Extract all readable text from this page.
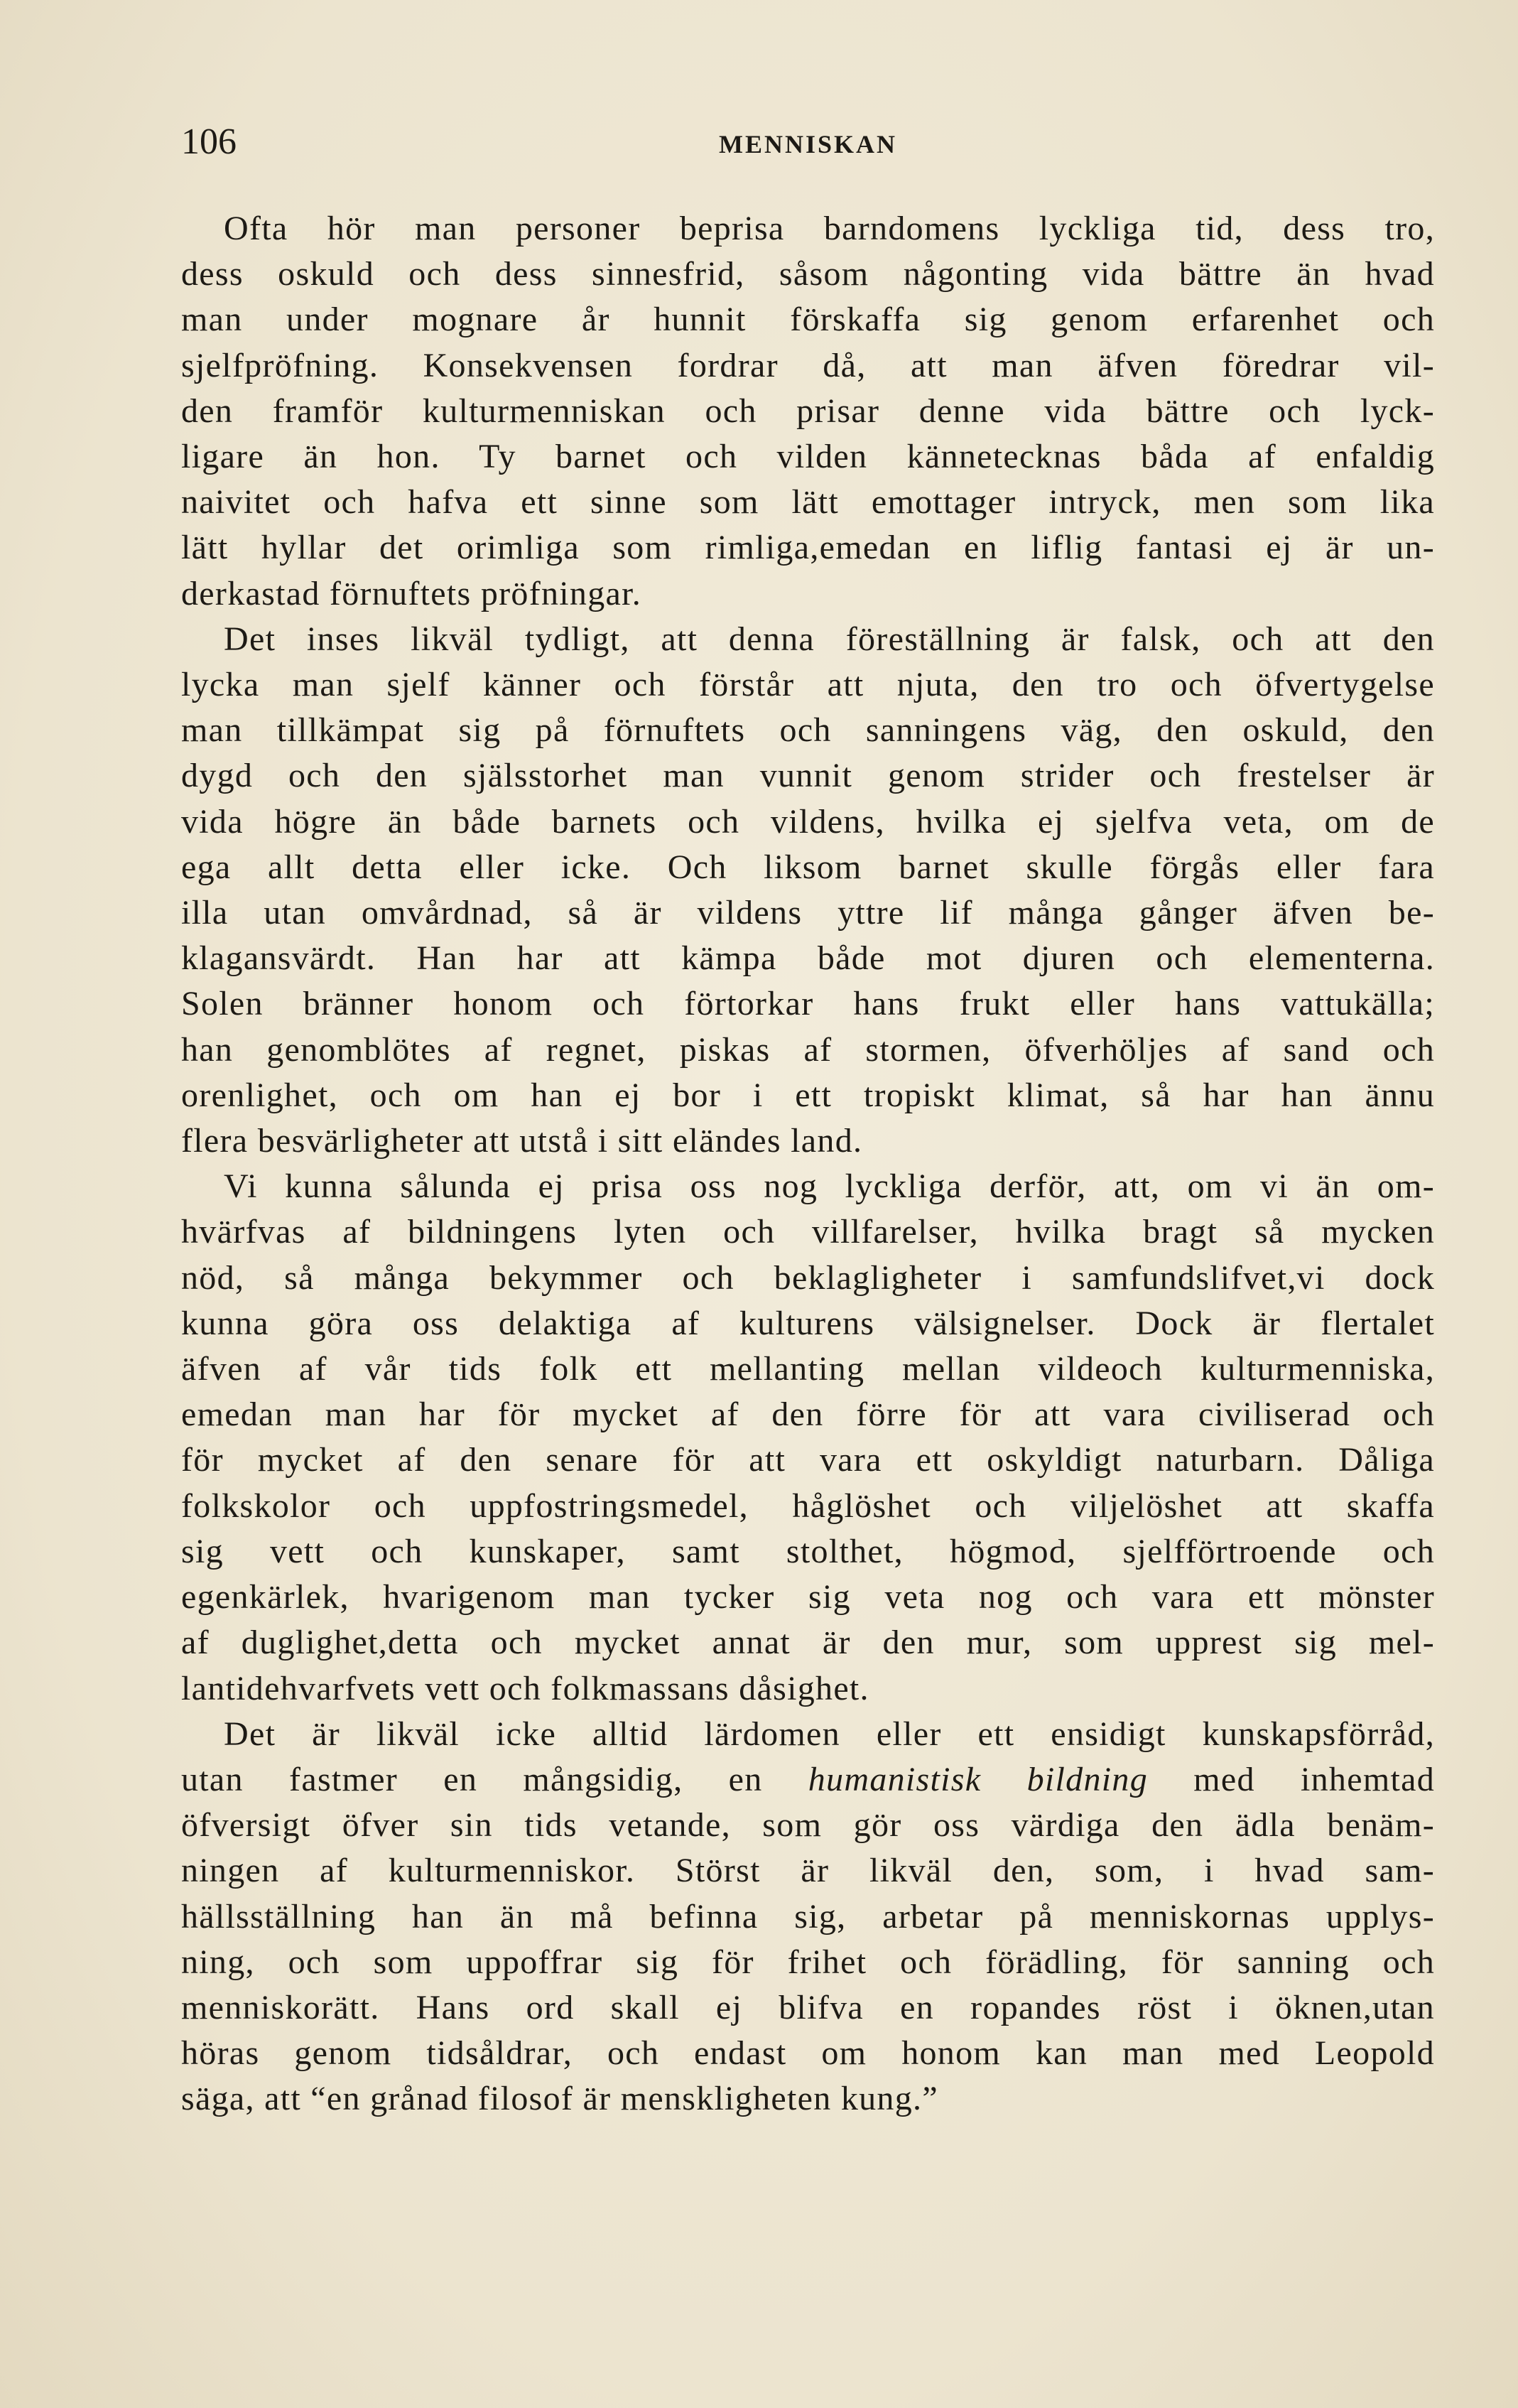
106	MENNISKAN
Ofta hör man personer beprisa barndomens lyckliga tid, dess tro,
dess oskuld och dess sinnesfrid, såsom någonting vida bättre än hvad
man under mognare år hunnit förskaffa sig genom erfarenhet och
sjelfpröfning. Konsekvensen fordrar då, att man äfven föredrar vil-
den framför kulturmenniskan och prisar denne vida bättre och lyck-
ligare än hon. Ty barnet och vilden kännetecknas båda af enfaldig
naivitet och hafva ett sinne som lätt emottager intryck, men som lika
lätt hyllar det orimliga som rimliga,emedan en liflig fantasi ej är un-
derkastad förnuftets pröfningar.
Det inses likväl tydligt, att denna föreställning är falsk, och att den
lycka man sjelf känner och förstår att njuta, den tro och öfvertygelse
man tillkämpat sig på förnuftets och sanningens väg, den oskuld, den
dygd och den själsstorhet man vunnit genom strider och frestelser är
vida högre än både barnets och vildens, hvilka ej sjelfva veta, om de
ega allt detta eller icke. Och liksom barnet skulle förgås eller fara
illa utan omvårdnad, så är vildens yttre lif många gånger äfven be-
klagansvärdt. Han har att kämpa både mot djuren och elementerna.
Solen bränner honom och förtorkar hans frukt eller hans vattukälla;
han genomblötes af regnet, piskas af stormen, öfverhöljes af sand och
orenlighet, och om han ej bor i ett tropiskt klimat, så har han ännu
flera besvärligheter att utstå i sitt eländes land.
Vi kunna sålunda ej prisa oss nog lyckliga derför, att, om vi än om-
hvärfvas af bildningens lyten och villfarelser, hvilka bragt så mycken
nöd, så många bekymmer och beklagligheter i samfundslifvet,vi dock
kunna göra oss delaktiga af kulturens välsignelser. Dock är flertalet
äfven af vår tids folk ett mellanting mellan vildeoch kulturmenniska,
emedan man har för mycket af den förre för att vara civiliserad och
för mycket af den senare för att vara ett oskyldigt naturbarn. Dåliga
folkskolor och uppfostringsmedel, håglöshet och viljelöshet att skaffa
sig vett och kunskaper, samt stolthet, högmod, sjelfförtroende och
egenkärlek, hvarigenom man tycker sig veta nog och vara ett mönster
af duglighet,detta och mycket annat är den mur, som upprest sig mel-
lantidehvarfvets vett och folkmassans dåsighet.
Det är likväl icke alltid lärdomen eller ett ensidigt kunskapsförråd,
utan fastmer en mångsidig, en humanistisk bildning med inhemtad
öfversigt öfver sin tids vetande, som gör oss värdiga den ädla benäm-
ningen af kulturmenniskor. Störst är likväl den, som, i hvad sam-
hällsställning han än må befinna sig, arbetar på menniskornas upplys-
ning, och som uppoffrar sig för frihet och förädling, för sanning och
menniskorätt. Hans ord skall ej blifva en ropandes röst i öknen,utan
höras genom tidsåldrar, och endast om honom kan man med Leopold
säga, att “en grånad filosof är menskligheten kung.”
